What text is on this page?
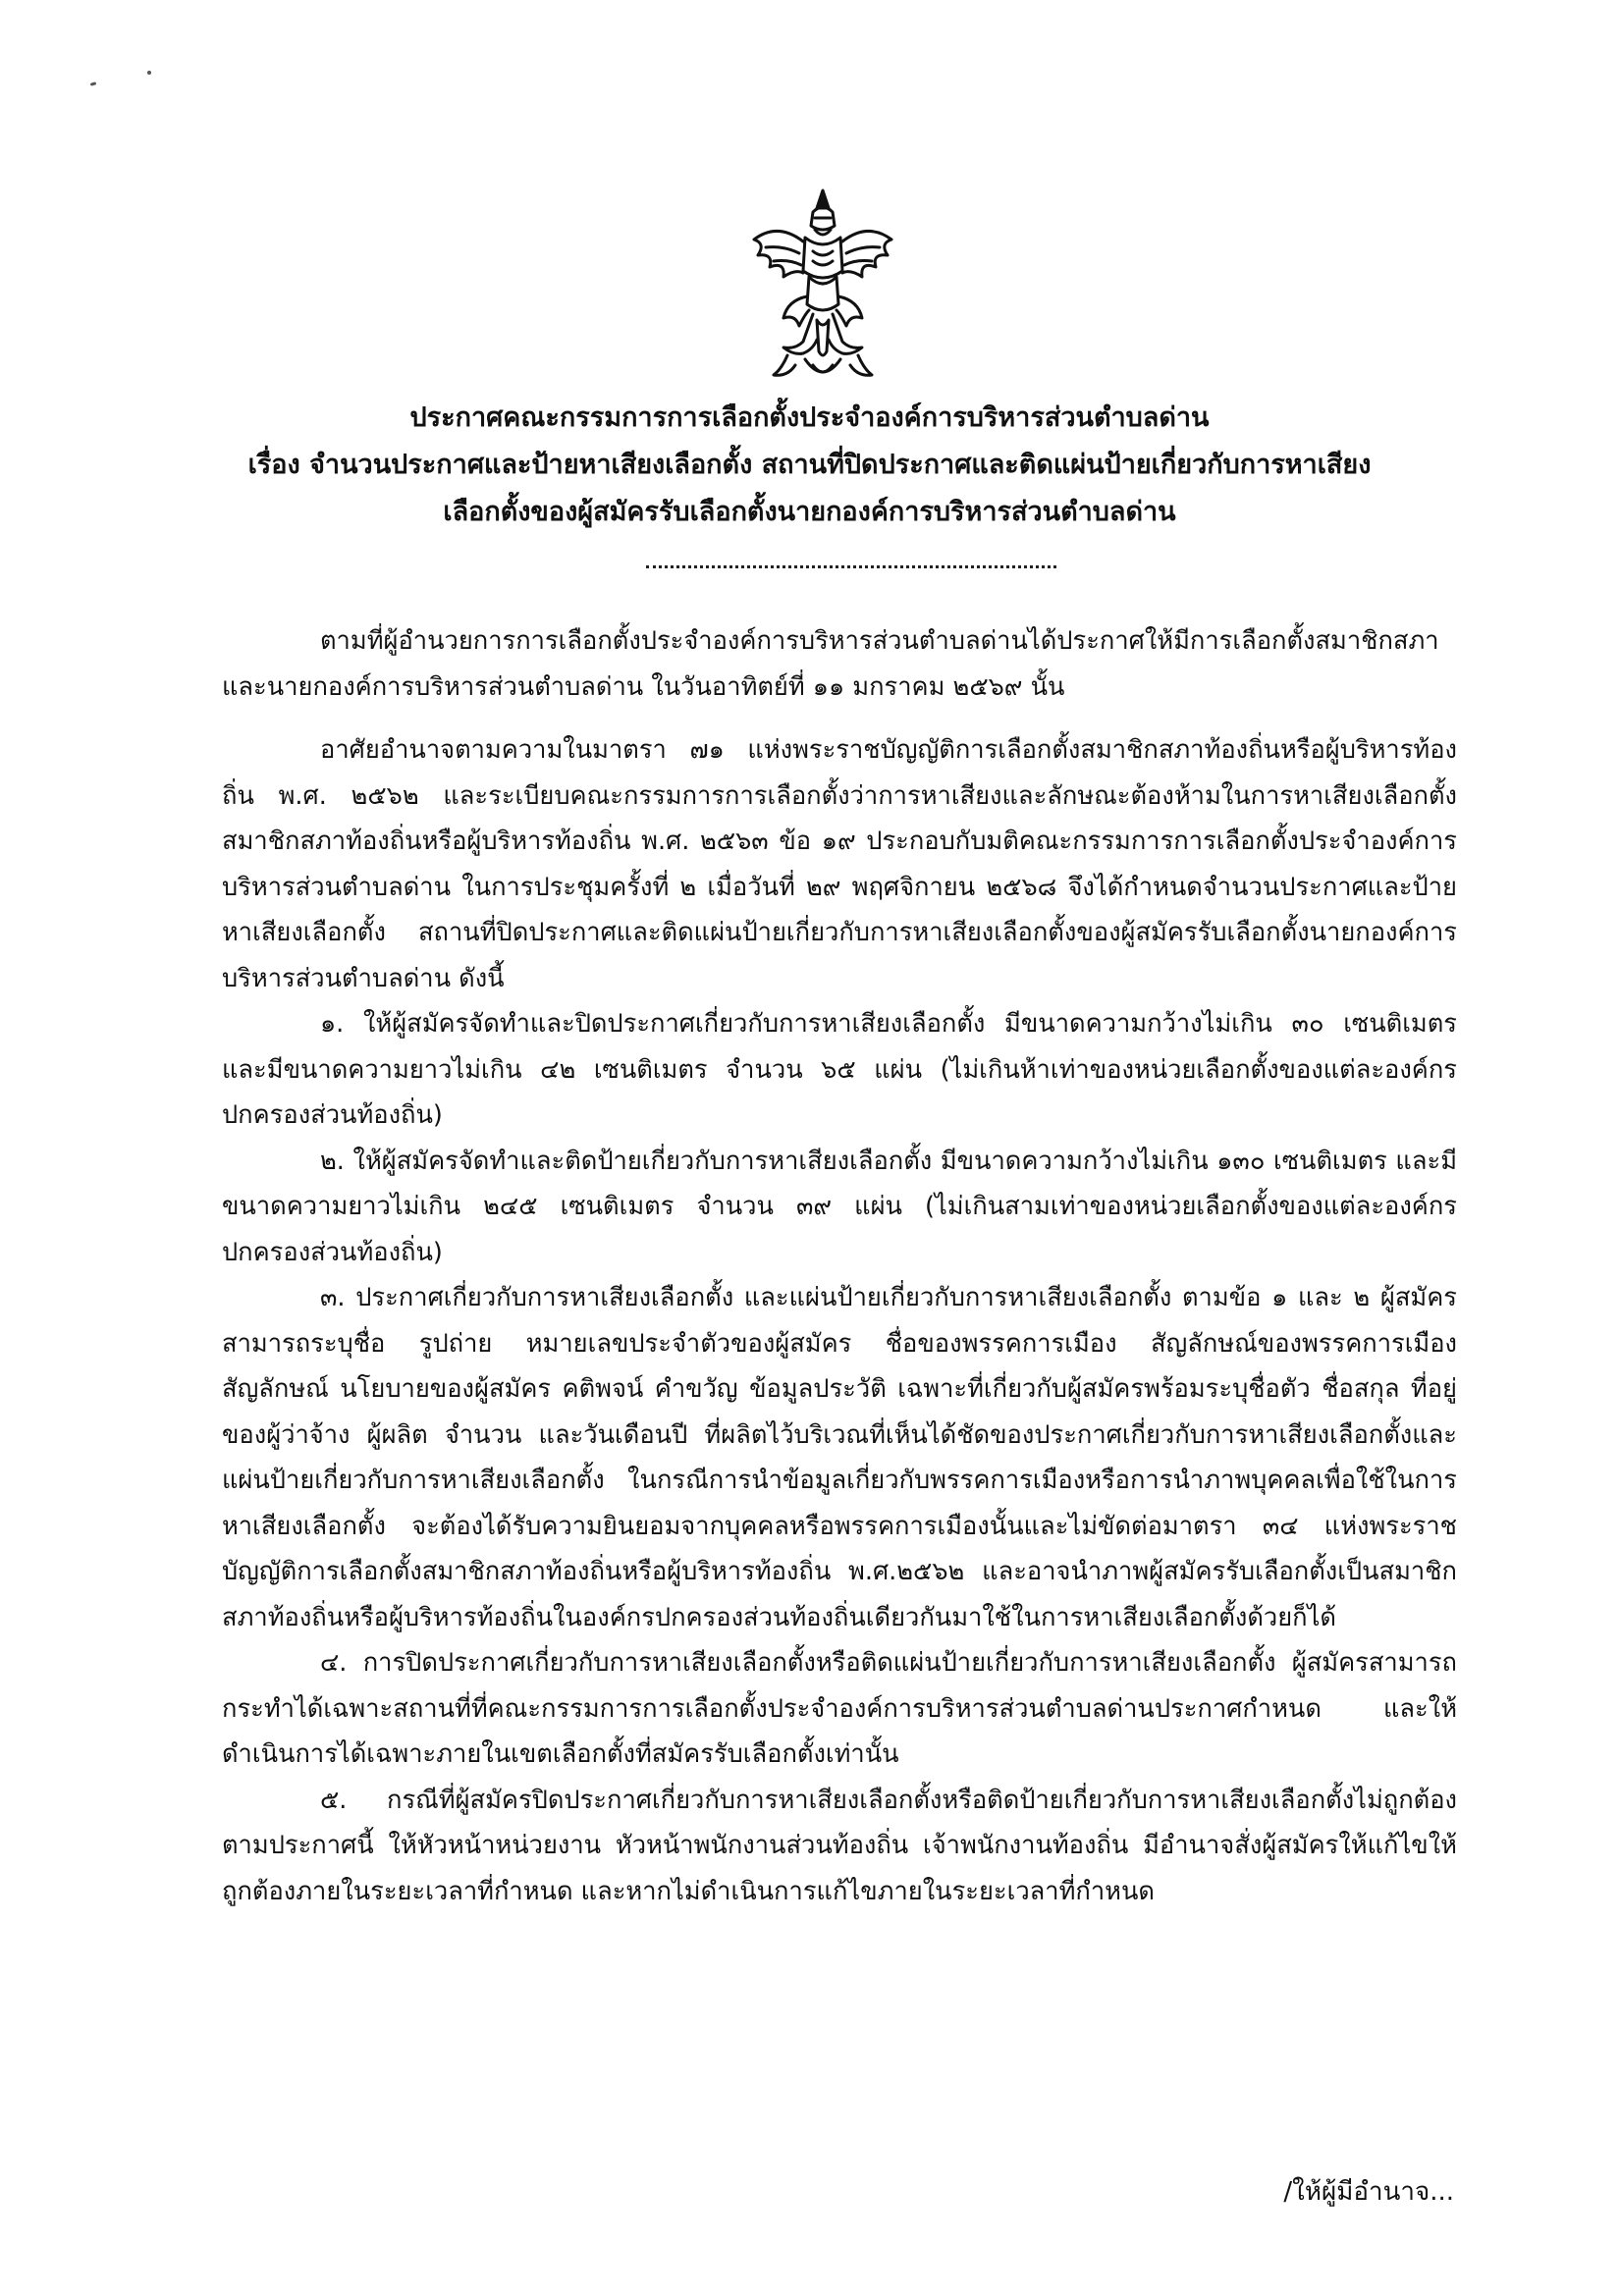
ประกาศคณะกรรมการการเลือกตั้งประจำองค์การบริหารส่วนตำบลด่าน
เรื่อง จำนวนประกาศและป้ายหาเสียงเลือกตั้ง สถานที่ปิดประกาศและติดแผ่นป้ายเกี่ยวกับการหาเสียง
เลือกตั้งของผู้สมัครรับเลือกตั้งนายกองค์การบริหารส่วนตำบลด่าน

ตามที่ผู้อำนวยการการเลือกตั้งประจำองค์การบริหารส่วนตำบลด่านได้ประกาศให้มีการเลือกตั้งสมาชิกสภาและนายกองค์การบริหารส่วนตำบลด่าน ในวันอาทิตย์ที่ ๑๑ มกราคม ๒๕๖๙ นั้น

อาศัยอำนาจตามความในมาตรา ๗๑ แห่งพระราชบัญญัติการเลือกตั้งสมาชิกสภาท้องถิ่นหรือผู้บริหารท้องถิ่น พ.ศ. ๒๕๖๒ และระเบียบคณะกรรมการการเลือกตั้งว่าการหาเสียงและลักษณะต้องห้ามในการหาเสียงเลือกตั้งสมาชิกสภาท้องถิ่นหรือผู้บริหารท้องถิ่น พ.ศ. ๒๕๖๓ ข้อ ๑๙ ประกอบกับมติคณะกรรมการการเลือกตั้งประจำองค์การบริหารส่วนตำบลด่าน ในการประชุมครั้งที่ ๒ เมื่อวันที่ ๒๙ พฤศจิกายน ๒๕๖๘ จึงได้กำหนดจำนวนประกาศและป้ายหาเสียงเลือกตั้ง สถานที่ปิดประกาศและติดแผ่นป้ายเกี่ยวกับการหาเสียงเลือกตั้งของผู้สมัครรับเลือกตั้งนายกองค์การบริหารส่วนตำบลด่าน ดังนี้

๑. ให้ผู้สมัครจัดทำและปิดประกาศเกี่ยวกับการหาเสียงเลือกตั้ง มีขนาดความกว้างไม่เกิน ๓๐ เซนติเมตร และมีขนาดความยาวไม่เกิน ๔๒ เซนติเมตร จำนวน ๖๕ แผ่น (ไม่เกินห้าเท่าของหน่วยเลือกตั้งของแต่ละองค์กรปกครองส่วนท้องถิ่น)

๒. ให้ผู้สมัครจัดทำและติดป้ายเกี่ยวกับการหาเสียงเลือกตั้ง มีขนาดความกว้างไม่เกิน ๑๓๐ เซนติเมตร และมีขนาดความยาวไม่เกิน ๒๔๕ เซนติเมตร จำนวน ๓๙ แผ่น (ไม่เกินสามเท่าของหน่วยเลือกตั้งของแต่ละองค์กรปกครองส่วนท้องถิ่น)

๓. ประกาศเกี่ยวกับการหาเสียงเลือกตั้ง และแผ่นป้ายเกี่ยวกับการหาเสียงเลือกตั้ง ตามข้อ ๑ และ ๒ ผู้สมัครสามารถระบุชื่อ รูปถ่าย หมายเลขประจำตัวของผู้สมัคร ชื่อของพรรคการเมือง สัญลักษณ์ของพรรคการเมือง สัญลักษณ์ นโยบายของผู้สมัคร คติพจน์ คำขวัญ ข้อมูลประวัติ เฉพาะที่เกี่ยวกับผู้สมัครพร้อมระบุชื่อตัว ชื่อสกุล ที่อยู่ของผู้ว่าจ้าง ผู้ผลิต จำนวน และวันเดือนปี ที่ผลิตไว้บริเวณที่เห็นได้ชัดของประกาศเกี่ยวกับการหาเสียงเลือกตั้งและแผ่นป้ายเกี่ยวกับการหาเสียงเลือกตั้ง ในกรณีการนำข้อมูลเกี่ยวกับพรรคการเมืองหรือการนำภาพบุคคลเพื่อใช้ในการหาเสียงเลือกตั้ง จะต้องได้รับความยินยอมจากบุคคลหรือพรรคการเมืองนั้นและไม่ขัดต่อมาตรา ๓๔ แห่งพระราชบัญญัติการเลือกตั้งสมาชิกสภาท้องถิ่นหรือผู้บริหารท้องถิ่น พ.ศ.๒๕๖๒ และอาจนำภาพผู้สมัครรับเลือกตั้งเป็นสมาชิกสภาท้องถิ่นหรือผู้บริหารท้องถิ่นในองค์กรปกครองส่วนท้องถิ่นเดียวกันมาใช้ในการหาเสียงเลือกตั้งด้วยก็ได้

๔. การปิดประกาศเกี่ยวกับการหาเสียงเลือกตั้งหรือติดแผ่นป้ายเกี่ยวกับการหาเสียงเลือกตั้ง ผู้สมัครสามารถกระทำได้เฉพาะสถานที่ที่คณะกรรมการการเลือกตั้งประจำองค์การบริหารส่วนตำบลด่านประกาศกำหนด และให้ดำเนินการได้เฉพาะภายในเขตเลือกตั้งที่สมัครรับเลือกตั้งเท่านั้น

๕. กรณีที่ผู้สมัครปิดประกาศเกี่ยวกับการหาเสียงเลือกตั้งหรือติดป้ายเกี่ยวกับการหาเสียงเลือกตั้งไม่ถูกต้องตามประกาศนี้ ให้หัวหน้าหน่วยงาน หัวหน้าพนักงานส่วนท้องถิ่น เจ้าพนักงานท้องถิ่น มีอำนาจสั่งผู้สมัครให้แก้ไขให้ถูกต้องภายในระยะเวลาที่กำหนด และหากไม่ดำเนินการแก้ไขภายในระยะเวลาที่กำหนด

/ให้ผู้มีอำนาจ...
